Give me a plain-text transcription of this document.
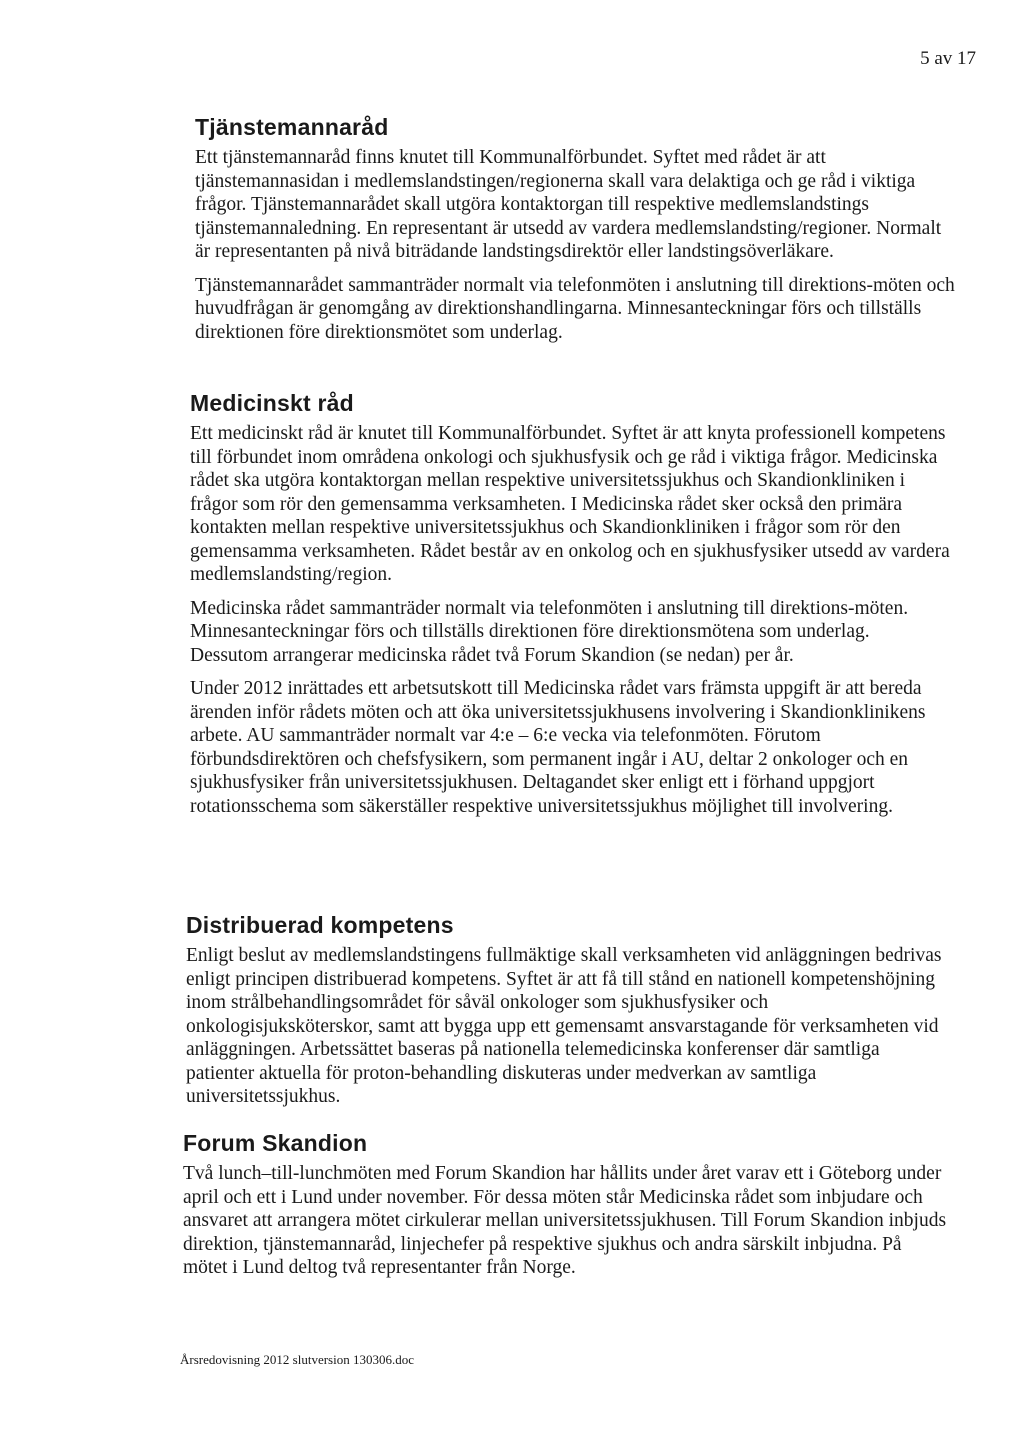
5 av 17
Tjänstemannaråd

Ett tjänstemannaråd finns knutet till Kommunalförbundet. Syftet med rådet är att tjänstemannasidan i medlemslandstingen/regionerna skall vara delaktiga och ge råd i viktiga frågor. Tjänstemannarådet skall utgöra kontaktorgan till respektive medlemslandstings tjänstemannaledning. En representant är utsedd av vardera medlemslandsting/regioner. Normalt är representanten på nivå biträdande landstingsdirektör eller landstingsöverläkare.

Tjänstemannarådet sammanträder normalt via telefonmöten i anslutning till direktions-möten och huvudfrågan är genomgång av direktionshandlingarna. Minnesanteckningar förs och tillställs direktionen före direktionsmötet som underlag.

Medicinskt råd

Ett medicinskt råd är knutet till Kommunalförbundet. Syftet är att knyta professionell kompetens till förbundet inom områdena onkologi och sjukhusfysik och ge råd i viktiga frågor. Medicinska rådet ska utgöra kontaktorgan mellan respektive universitetssjukhus och Skandionkliniken i frågor som rör den gemensamma verksamheten. I Medicinska rådet sker också den primära kontakten mellan respektive universitetssjukhus och Skandionkliniken i frågor som rör den gemensamma verksamheten. Rådet består av en onkolog och en sjukhusfysiker utsedd av vardera medlemslandsting/region.

Medicinska rådet sammanträder normalt via telefonmöten i anslutning till direktions-möten. Minnesanteckningar förs och tillställs direktionen före direktionsmötena som underlag. Dessutom arrangerar medicinska rådet två Forum Skandion (se nedan) per år.

Under 2012 inrättades ett arbetsutskott till Medicinska rådet vars främsta uppgift är att bereda ärenden inför rådets möten och att öka universitetssjukhusens involvering i Skandionklinikens arbete. AU sammanträder normalt var 4:e – 6:e vecka via telefonmöten. Förutom förbundsdirektören och chefsfysikern, som permanent ingår i AU, deltar 2 onkologer och en sjukhusfysiker från universitetssjukhusen. Deltagandet sker enligt ett i förhand uppgjort rotationsschema som säkerställer respektive universitetssjukhus möjlighet till involvering.

Distribuerad kompetens

Enligt beslut av medlemslandstingens fullmäktige skall verksamheten vid anläggningen bedrivas enligt principen distribuerad kompetens. Syftet är att få till stånd en nationell kompetenshöjning inom strålbehandlingsområdet för såväl onkologer som sjukhusfysiker och onkologisjuksköterskor, samt att bygga upp ett gemensamt ansvarstagande för verksamheten vid anläggningen. Arbetssättet baseras på nationella telemedicinska konferenser där samtliga patienter aktuella för proton-behandling diskuteras under medverkan av samtliga universitetssjukhus.

Forum Skandion

Två lunch–till-lunchmöten med Forum Skandion har hållits under året varav ett i Göteborg under april och ett i Lund under november. För dessa möten står Medicinska rådet som inbjudare och ansvaret att arrangera mötet cirkulerar mellan universitetssjukhusen. Till Forum Skandion inbjuds direktion, tjänstemannaråd, linjechefer på respektive sjukhus och andra särskilt inbjudna. På mötet i Lund deltog två representanter från Norge.

Årsredovisning 2012 slutversion 130306.doc
